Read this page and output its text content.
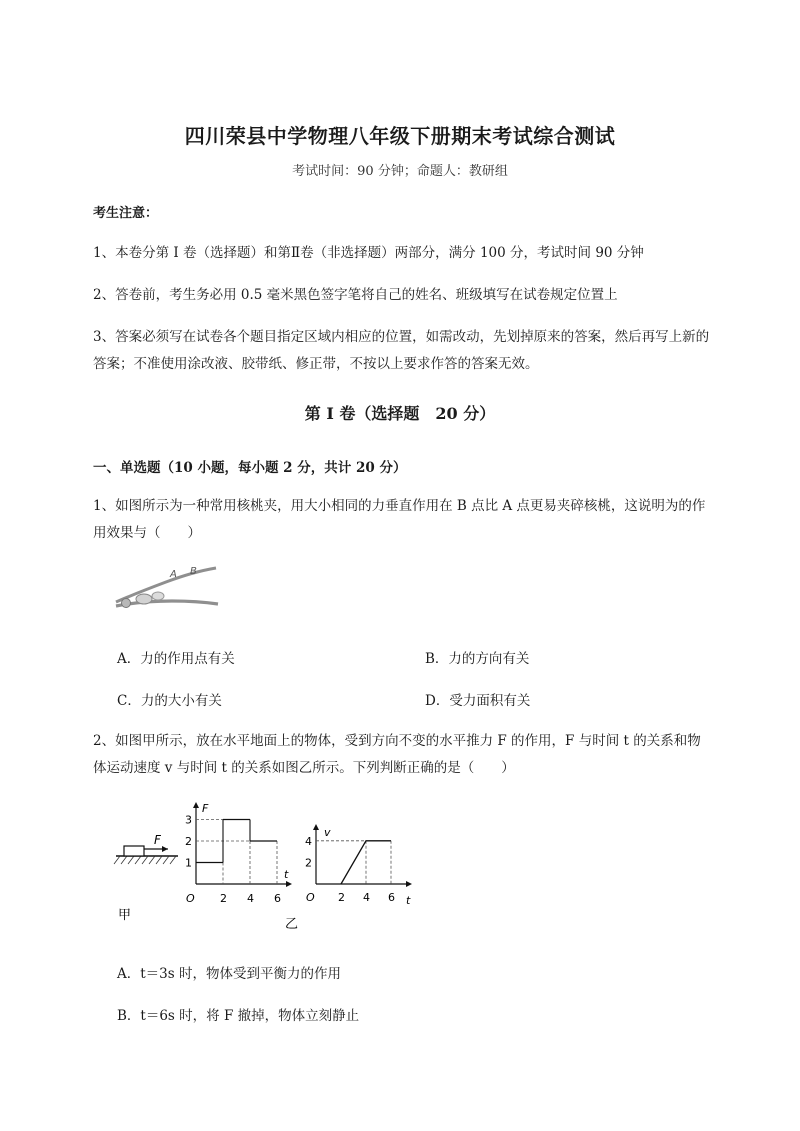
四川荣县中学物理八年级下册期末考试综合测试
考试时间：90 分钟；命题人：教研组
考生注意：
1、本卷分第 I 卷（选择题）和第Ⅱ卷（非选择题）两部分，满分 100 分，考试时间 90 分钟
2、答卷前，考生务必用 0.5 毫米黑色签字笔将自己的姓名、班级填写在试卷规定位置上
3、答案必须写在试卷各个题目指定区域内相应的位置，如需改动，先划掉原来的答案，然后再写上新的答案；不准使用涂改液、胶带纸、修正带，不按以上要求作答的答案无效。
第 I 卷（选择题　20 分）
一、单选题（10 小题，每小题 2 分，共计 20 分）
1、如图所示为一种常用核桃夹，用大小相同的力垂直作用在 B 点比 A 点更易夹碎核桃，这说明为的作用效果与（　　）
A B
A．力的作用点有关	B．力的方向有关
C．力的大小有关	D．受力面积有关
2、如图甲所示，放在水平地面上的物体，受到方向不变的水平推力 F 的作用，F 与时间 t 的关系和物体运动速度 v 与时间 t 的关系如图乙所示。下列判断正确的是（　　）
F
甲
F
t
O
1
2
3
2 4 6
乙
v
t
O
2
4
2 4 6
A．t＝3s 时，物体受到平衡力的作用
B．t＝6s 时，将 F 撤掉，物体立刻静止
